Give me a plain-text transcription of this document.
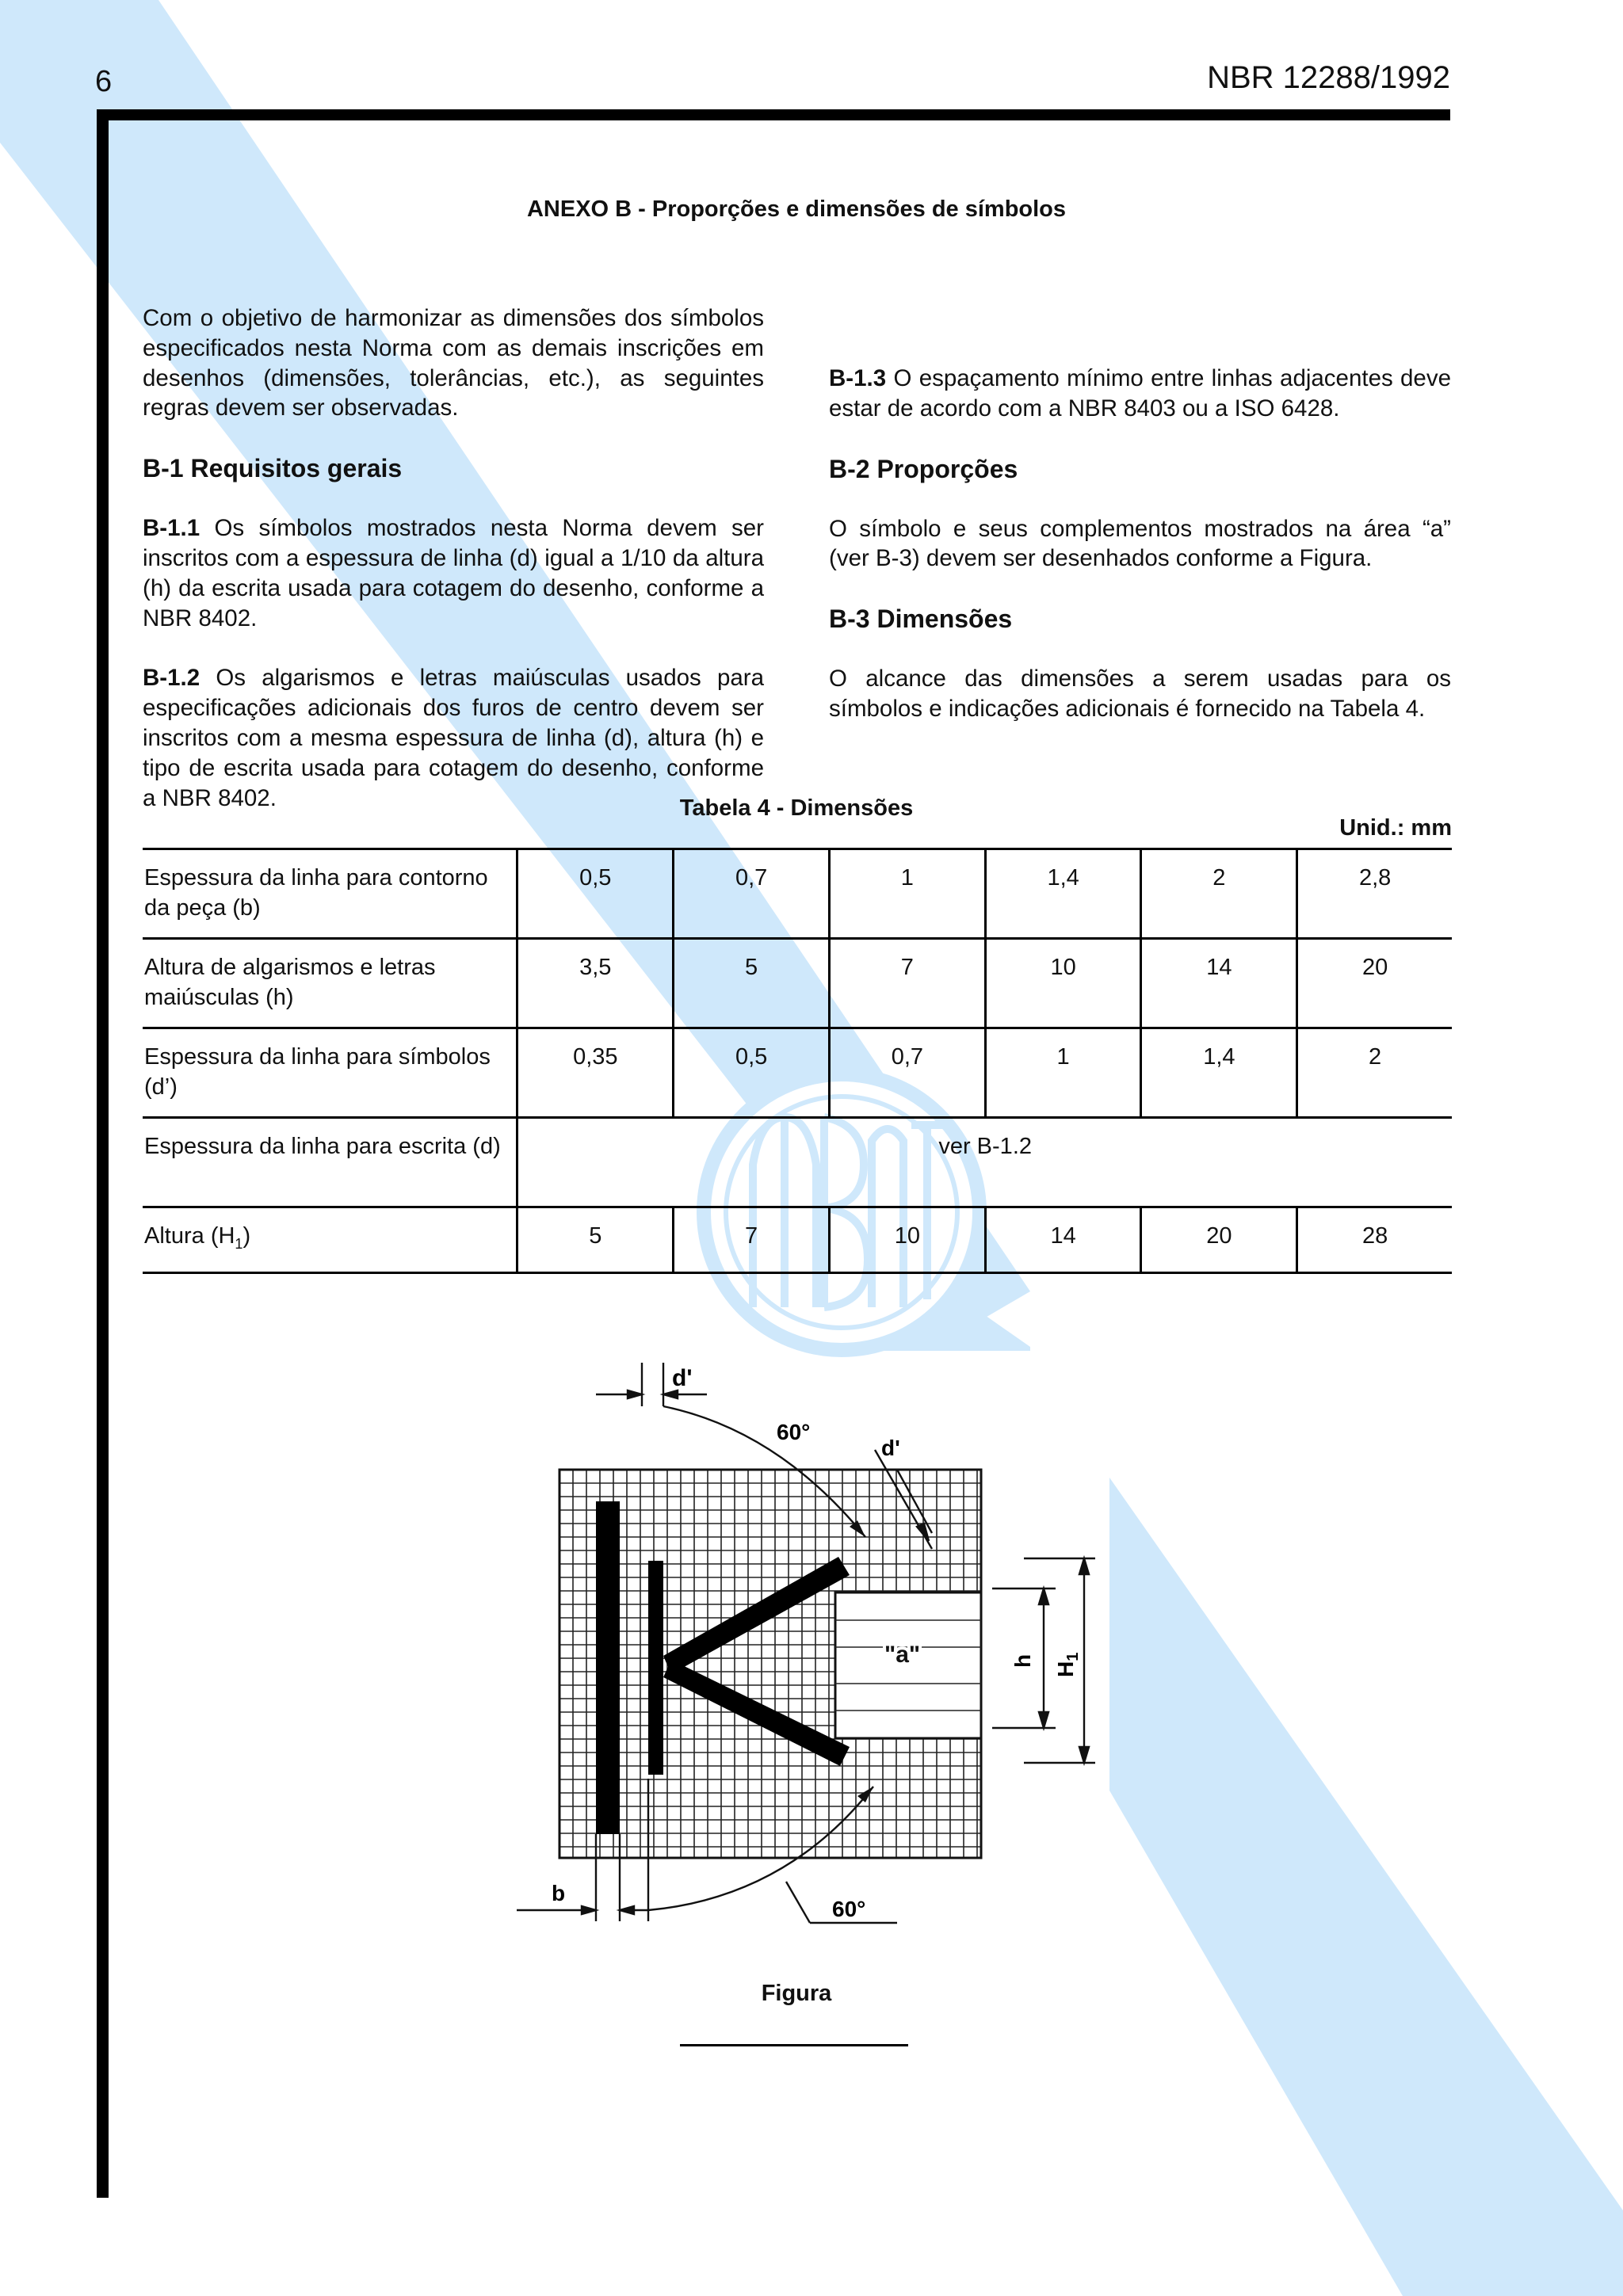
6	NBR 12288/1992
ANEXO B - Proporções e dimensões de símbolos

Com o objetivo de harmonizar as dimensões dos símbolos especificados nesta Norma com as demais inscrições em desenhos (dimensões, tolerâncias, etc.), as seguintes regras devem ser observadas.

B-1 Requisitos gerais

B-1.1 Os símbolos mostrados nesta Norma devem ser inscritos com a espessura de linha (d) igual a 1/10 da altura (h) da escrita usada para cotagem do desenho, conforme a NBR 8402.

B-1.2 Os algarismos e letras maiúsculas usados para especificações adicionais dos furos de centro devem ser inscritos com a mesma espessura de linha (d), altura (h) e tipo de escrita usada para cotagem do desenho, conforme a NBR 8402.

B-1.3 O espaçamento mínimo entre linhas adjacentes deve estar de acordo com a NBR 8403 ou a ISO 6428.

B-2 Proporções

O símbolo e seus complementos mostrados na área “a” (ver B-3) devem ser desenhados conforme a Figura.

B-3 Dimensões

O alcance das dimensões a serem usadas para os símbolos e indicações adicionais é fornecido na Tabela 4.

Tabela 4 - Dimensões
Unid.: mm
Espessura da linha para contorno da peça (b)	0,5	0,7	1	1,4	2	2,8
Altura de algarismos e letras maiúsculas (h)	3,5	5	7	10	14	20
Espessura da linha para símbolos (d’)	0,35	0,5	0,7	1	1,4	2
Espessura da linha para escrita (d)	ver B-1.2					
Altura $(H_1)$	5	7	10	14	20	28
d'
60°
d'
"a"	h
$H_1$
b
60°
Figura
